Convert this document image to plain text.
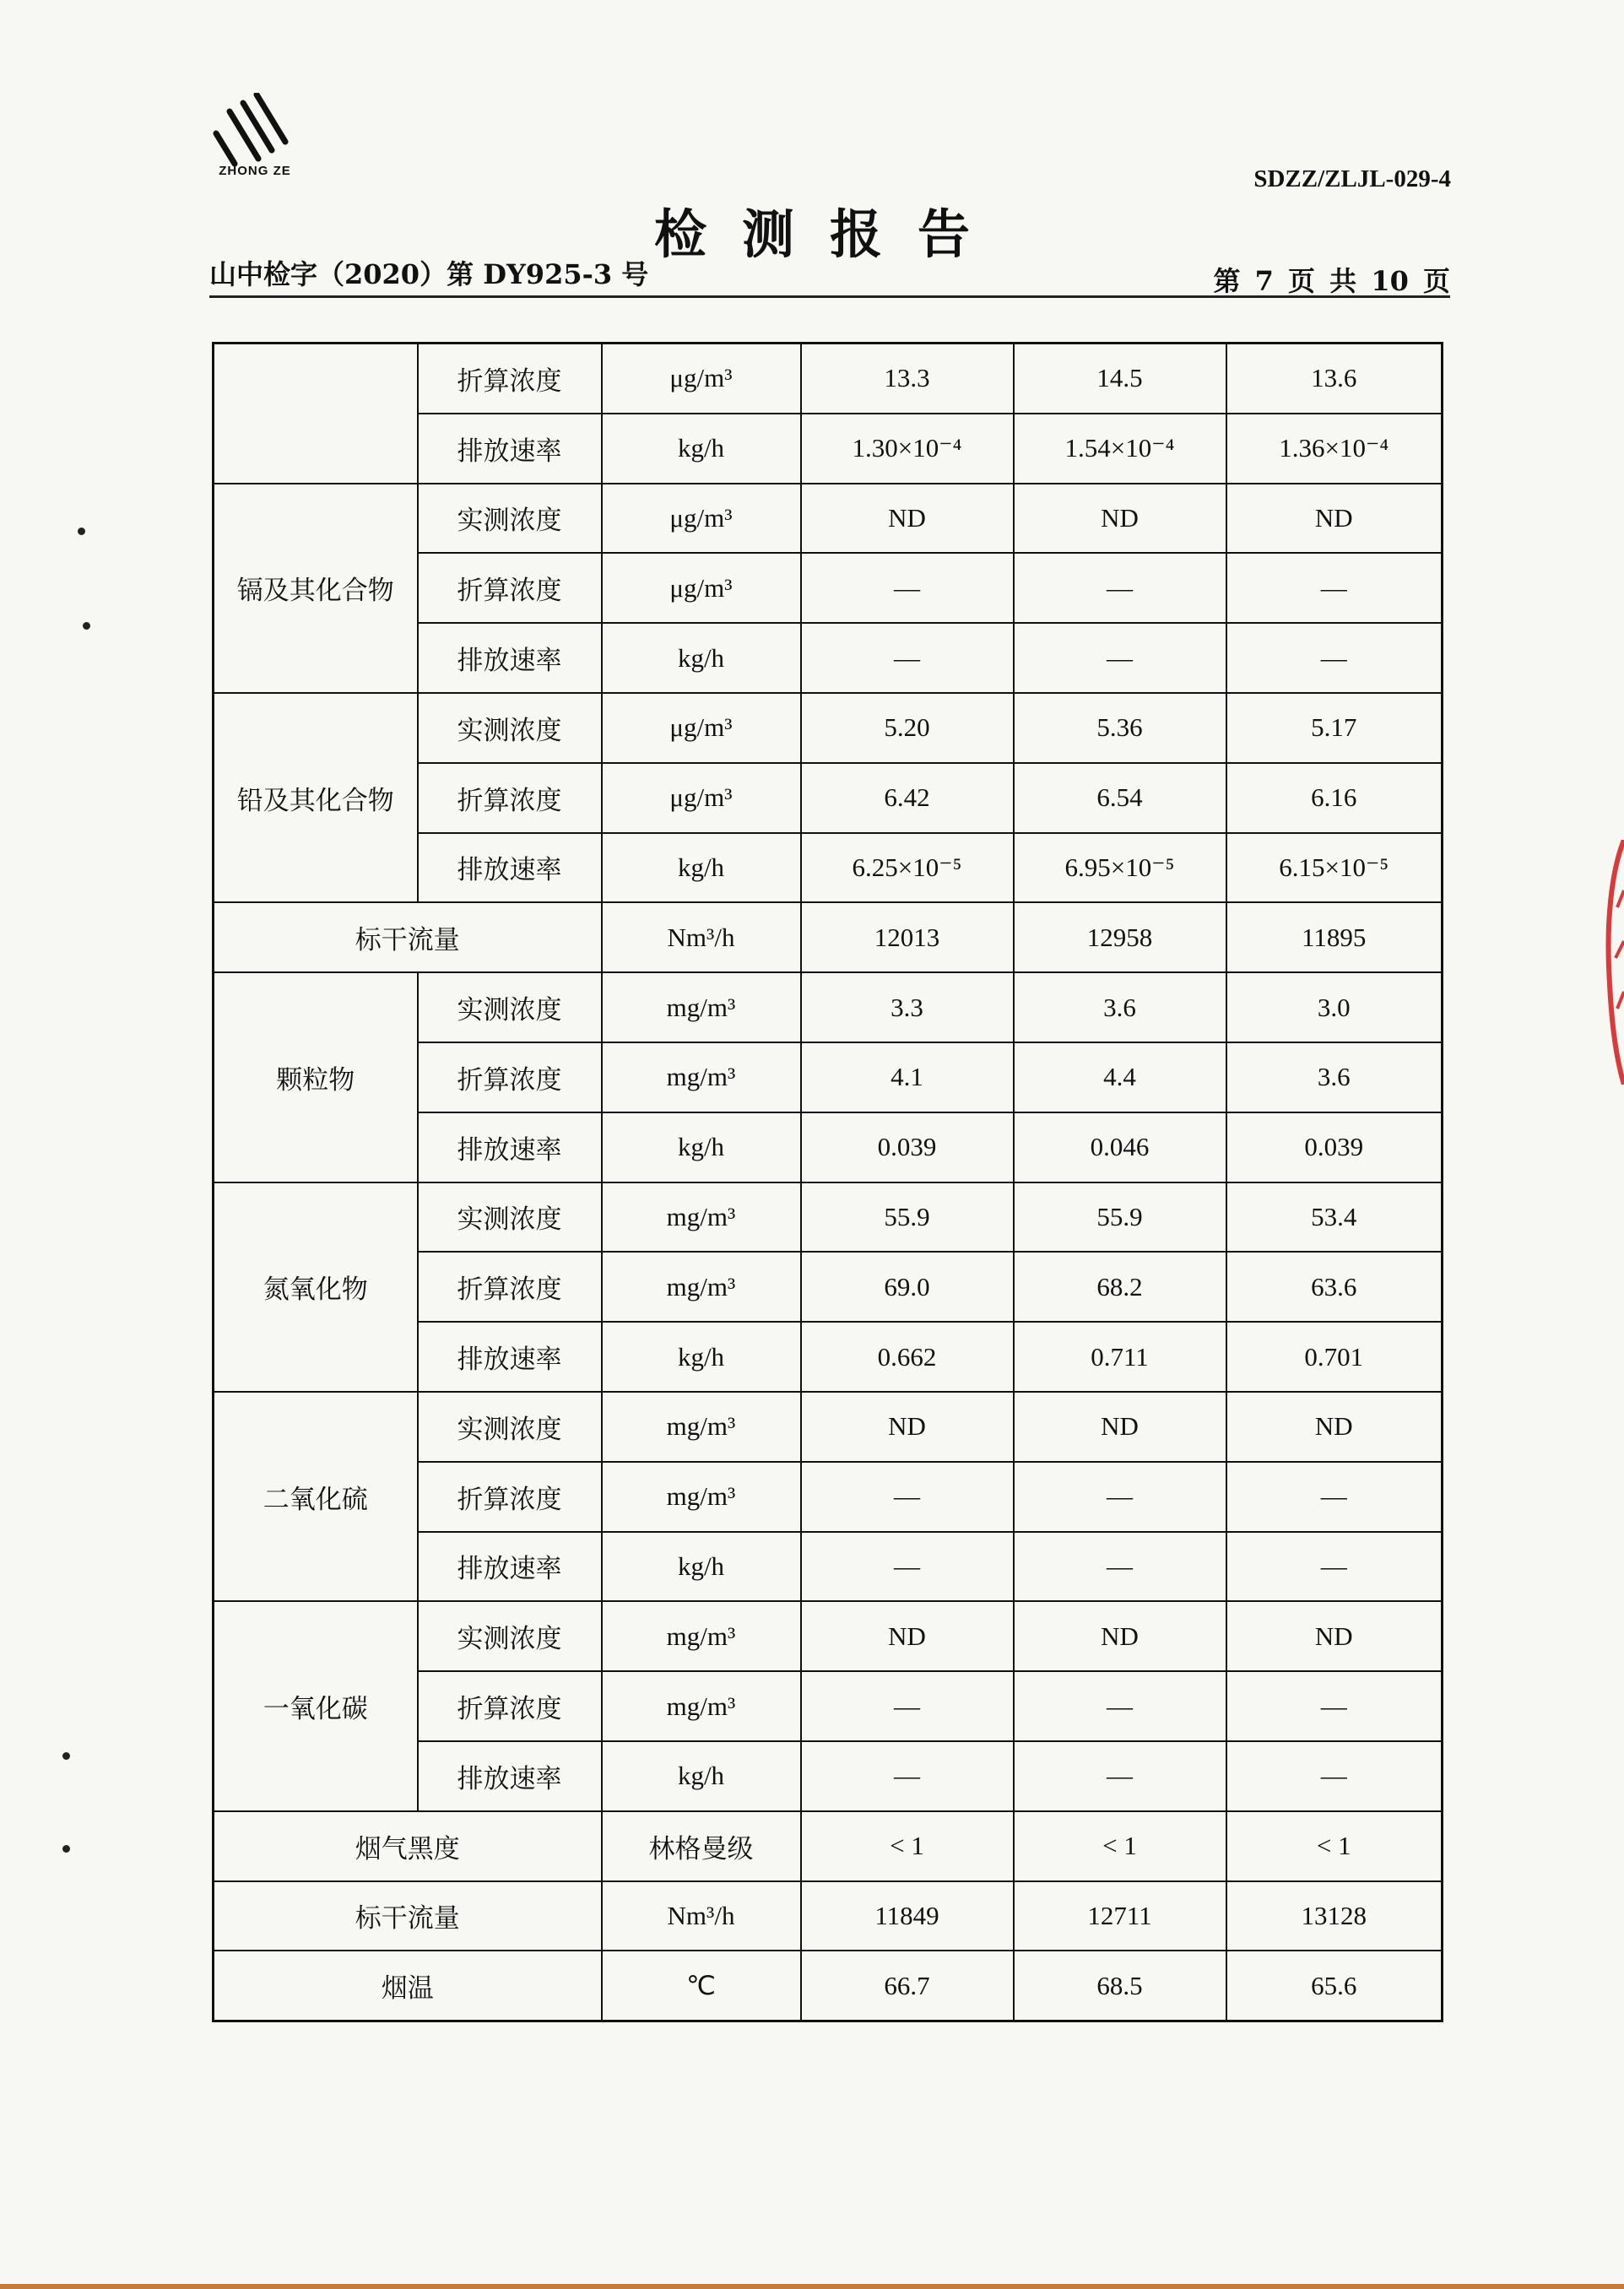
ZHONG ZE	SDZZ/ZLJL-029-4
检测报告
山中检字（2020）第 DY925-3 号	第 7 页 共 10 页
	折算浓度	μg/m³	13.3	14.5	13.6
	排放速率	kg/h	1.30×10⁻⁴	1.54×10⁻⁴	1.36×10⁻⁴
镉及其化合物	实测浓度	μg/m³	ND	ND	ND
	折算浓度	μg/m³	—	—	—
	排放速率	kg/h	—	—	—
铅及其化合物	实测浓度	μg/m³	5.20	5.36	5.17
	折算浓度	μg/m³	6.42	6.54	6.16
	排放速率	kg/h	6.25×10⁻⁵	6.95×10⁻⁵	6.15×10⁻⁵
标干流量		Nm³/h	12013	12958	11895
颗粒物	实测浓度	mg/m³	3.3	3.6	3.0
	折算浓度	mg/m³	4.1	4.4	3.6
	排放速率	kg/h	0.039	0.046	0.039
氮氧化物	实测浓度	mg/m³	55.9	55.9	53.4
	折算浓度	mg/m³	69.0	68.2	63.6
	排放速率	kg/h	0.662	0.711	0.701
二氧化硫	实测浓度	mg/m³	ND	ND	ND
	折算浓度	mg/m³	—	—	—
	排放速率	kg/h	—	—	—
一氧化碳	实测浓度	mg/m³	ND	ND	ND
	折算浓度	mg/m³	—	—	—
	排放速率	kg/h	—	—	—
烟气黑度		林格曼级	< 1	< 1	< 1
标干流量		Nm³/h	11849	12711	13128
烟温		℃	66.7	68.5	65.6
